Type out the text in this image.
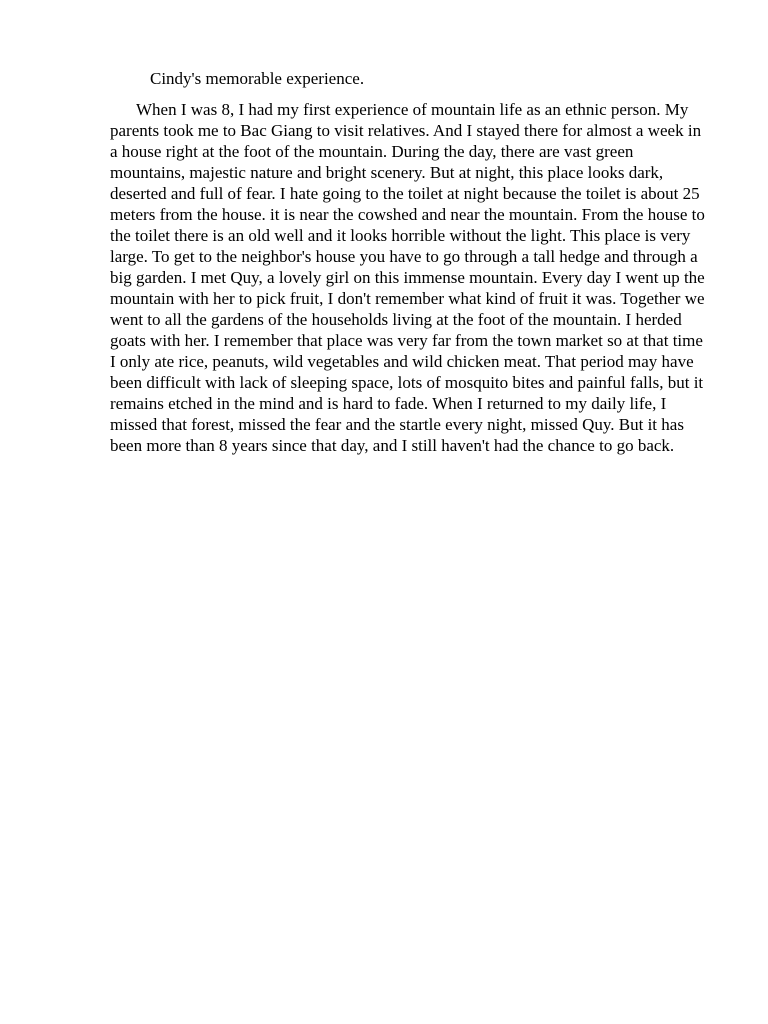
Cindy's memorable experience.

When I was 8, I had my first experience of mountain life as an ethnic person. My parents took me to Bac Giang to visit relatives. And I stayed there for almost a week in a house right at the foot of the mountain. During the day, there are vast green mountains, majestic nature and bright scenery. But at night, this place looks dark, deserted and full of fear. I hate going to the toilet at night because the toilet is about 25 meters from the house. it is near the cowshed and near the mountain. From the house to the toilet there is an old well and it looks horrible without the light. This place is very large. To get to the neighbor's house you have to go through a tall hedge and through a big garden. I met Quy, a lovely girl on this immense mountain. Every day I went up the mountain with her to pick fruit, I don't remember what kind of fruit it was. Together we went to all the gardens of the households living at the foot of the mountain. I herded goats with her. I remember that place was very far from the town market so at that time I only ate rice, peanuts, wild vegetables and wild chicken meat. That period may have been difficult with lack of sleeping space, lots of mosquito bites and painful falls, but it remains etched in the mind and is hard to fade. When I returned to my daily life, I missed that forest, missed the fear and the startle every night, missed Quy. But it has been more than 8 years since that day, and I still haven't had the chance to go back.
